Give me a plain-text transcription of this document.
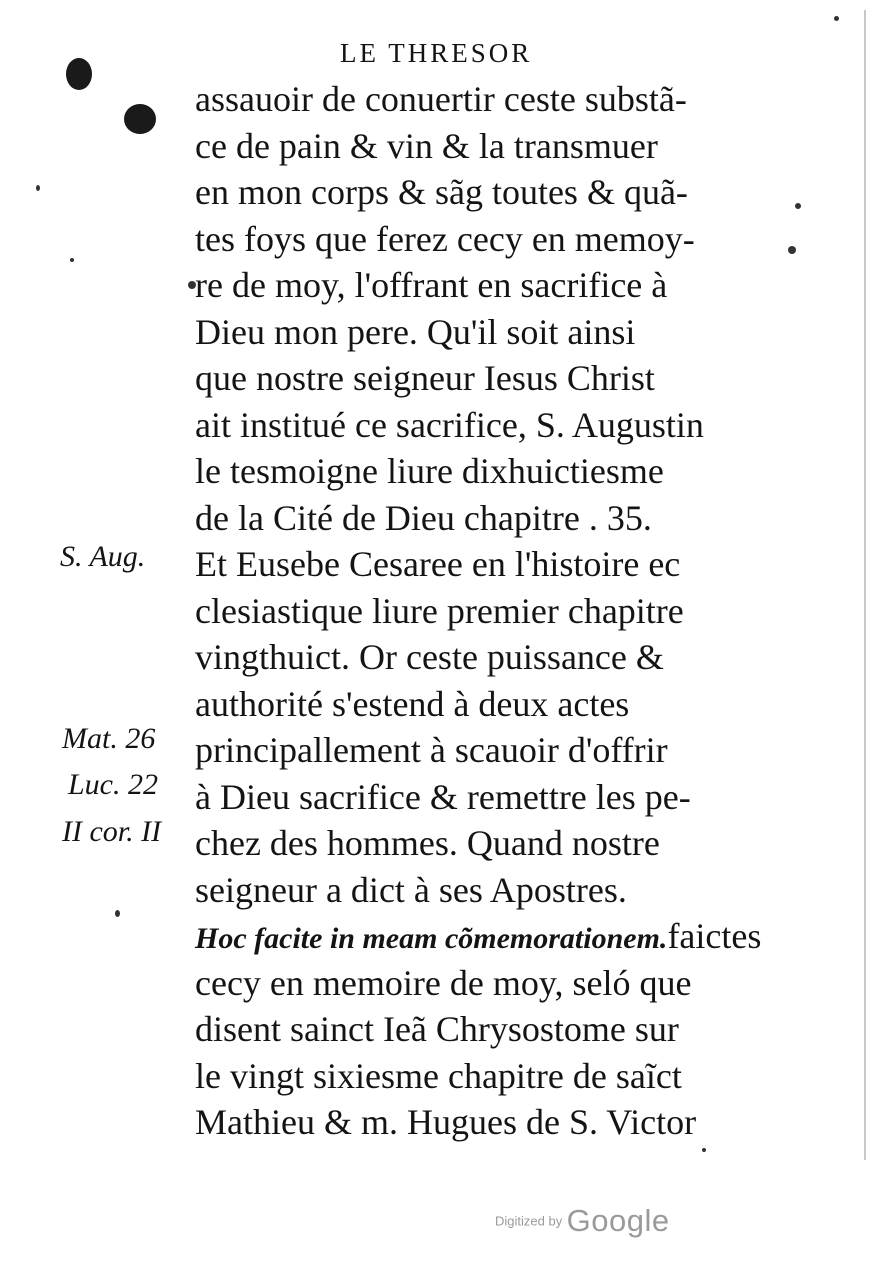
LE THRESOR
assauoir de conuertir ceste substã-
ce de pain & vin & la transmuer
en mon corps & sãg toutes & quã-
tes foys que ferez cecy en memoy-
re de moy, l'offrant en sacrifice à
Dieu mon pere. Qu'il soit ainsi
que nostre seigneur Iesus Christ
ait institué ce sacrifice, S. Augustin
le tesmoigne liure dixhuictiesme
de la Cité de Dieu chapitre . 35.
Et Eusebe Cesaree en l'histoire ec
clesiastique liure premier chapitre
vingthuict. Or ceste puissance &
authorité s'estend à deux actes
principallement à scauoir d'offrir
à Dieu sacrifice & remettre les pe-
chez des hommes. Quand nostre
seigneur a dict à ses Apostres.
Hoc facite in meam cõmemorationem.faictes
cecy en memoire de moy, seló que
disent sainct Ieã Chrysostome sur
le vingt sixiesme chapitre de saĩct
Mathieu & m. Hugues de S. Victor
S. Aug.
Mat. 26
Luc. 22
II cor. II
Digitized by Google
